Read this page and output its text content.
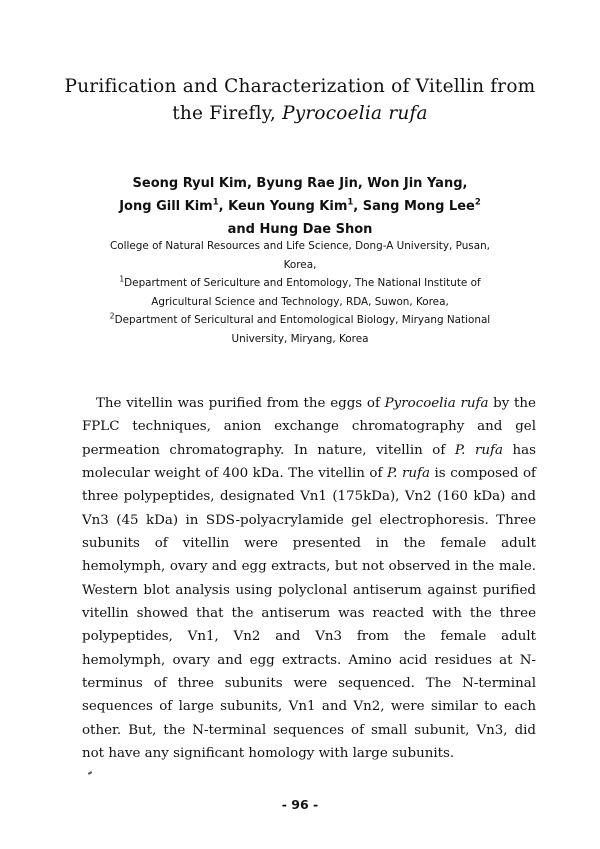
Purification and Characterization of Vitellin from
the Firefly, Pyrocoelia rufa
Seong Ryul Kim, Byung Rae Jin, Won Jin Yang,
Jong Gill Kim$^1$, Keun Young Kim$^1$, Sang Mong Lee$^2$
and Hung Dae Shon
College of Natural Resources and Life Science, Dong-A University, Pusan,
Korea,
$^1$Department of Sericulture and Entomology, The National Institute of
Agricultural Science and Technology, RDA, Suwon, Korea,
$^2$Department of Sericultural and Entomological Biology, Miryang National
University, Miryang, Korea

The vitellin was purified from the eggs of Pyrocoelia rufa by the FPLC techniques, anion exchange chromatography and gel permeation chromatography. In nature, vitellin of P. rufa has molecular weight of 400 kDa. The vitellin of P. rufa is composed of three polypeptides, designated Vn1 (175kDa), Vn2 (160 kDa) and Vn3 (45 kDa) in SDS-polyacrylamide gel electrophoresis. Three subunits of vitellin were presented in the female adult hemolymph, ovary and egg extracts, but not observed in the male. Western blot analysis using polyclonal antiserum against purified vitellin showed that the antiserum was reacted with the three polypeptides, Vn1, Vn2 and Vn3 from the female adult hemolymph, ovary and egg extracts. Amino acid residues at N-terminus of three subunits were sequenced. The N-terminal sequences of large subunits, Vn1 and Vn2, were similar to each other. But, the N-terminal sequences of small subunit, Vn3, did not have any significant homology with large subunits.

- 96 -
